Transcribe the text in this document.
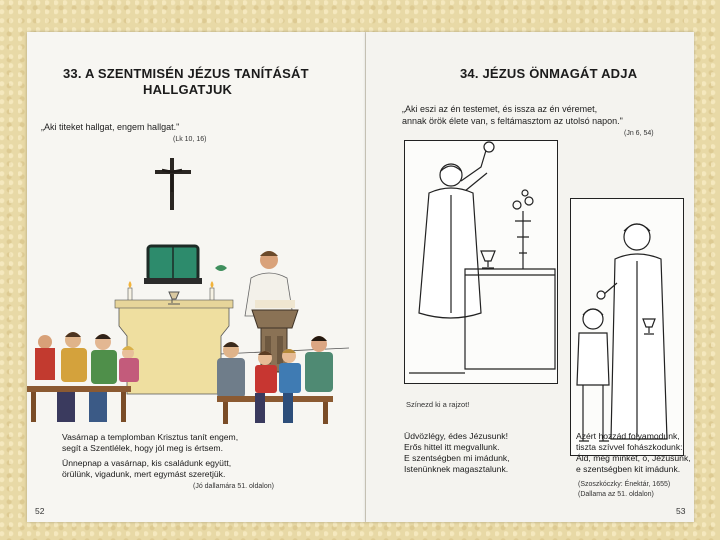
33. A SZENTMISÉN JÉZUS TANÍTÁSÁT
HALLGATJUK
„Aki titeket hallgat, engem hallgat."
(Lk 10, 16)
Vasárnap a templomban Krisztus tanít engem,
segít a Szentlélek, hogy jól meg is értsem.
Ünnepnap a vasárnap, kis családunk együtt,
örülünk, vigadunk, mert egymást szeretjük.
(Jó dallamára 51. oldalon)
52
34. JÉZUS ÖNMAGÁT ADJA
„Aki eszi az én testemet, és issza az én véremet,
annak örök élete van, s feltámasztom az utolsó napon."
(Jn 6, 54)
Színezd ki a rajzot!
Üdvözlégy, édes Jézusunk!
Erős hittel itt megvallunk.
E szentségben mi imádunk,
Istenünknek magasztalunk.
Azért hozzád folyamodunk,
tiszta szívvel fohászkodunk:
Áld, meg minket, ó, Jézusunk,
e szentségben kit imádunk.
(Szoszkóczky: Énektár, 1655)
(Dallama az 51. oldalon)
53
